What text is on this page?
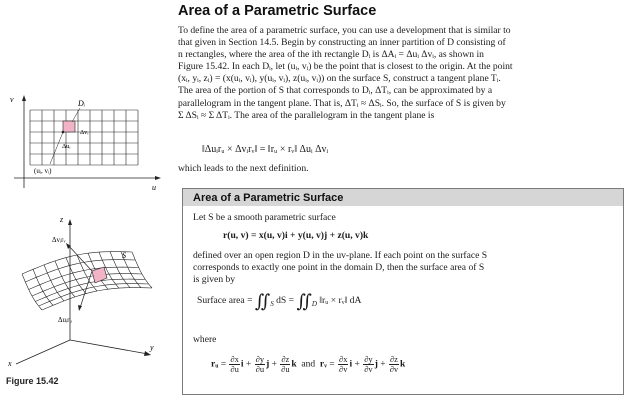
v
u
Dᵢ
Δvᵢ
Δuᵢ
(uᵢ, vᵢ)
z
x
y
Δvᵢrᵥ
Δuᵢrᵤ
S
Figure 15.42
Area of a Parametric Surface
To define the area of a parametric surface, you can use a development that is similar to
that given in Section 14.5. Begin by constructing an inner partition of D consisting of
n rectangles, where the area of the ith rectangle Dᵢ is ΔAᵢ = Δuᵢ Δvᵢ, as shown in
Figure 15.42. In each Dᵢ, let (uᵢ, vᵢ) be the point that is closest to the origin. At the point
(xᵢ, yᵢ, zᵢ) = (x(uᵢ, vᵢ), y(uᵢ, vᵢ), z(uᵢ, vᵢ)) on the surface S, construct a tangent plane Tᵢ.
The area of the portion of S that corresponds to Dᵢ, ΔTᵢ, can be approximated by a
parallelogram in the tangent plane. That is, ΔTᵢ ≈ ΔSᵢ. So, the surface of S is given by
Σ ΔSᵢ ≈ Σ ΔTᵢ. The area of the parallelogram in the tangent plane is
‖Δuᵢrᵤ × Δvᵢrᵥ‖ = ‖rᵤ × rᵥ‖ Δuᵢ Δvᵢ
which leads to the next definition.
Area of a Parametric Surface
Let S be a smooth parametric surface
r(u, v) = x(u, v)i + y(u, v)j + z(u, v)k
defined over an open region D in the uv-plane. If each point on the surface S
corresponds to exactly one point in the domain D, then the surface area of S
is given by
Surface area = $∬_S$ dS = $∬_D$ ‖rᵤ × rᵥ‖ dA
where
rᵤ = $\frac{\partial x}{\partial u}$ $i + \frac{\partial y}{\partial u}$ $j + \frac{\partial z}{\partial u}$ k and rᵥ = $\frac{\partial x}{\partial v}$ $i + \frac{\partial y}{\partial v}$ $j + \frac{\partial z}{\partial v}$ k
